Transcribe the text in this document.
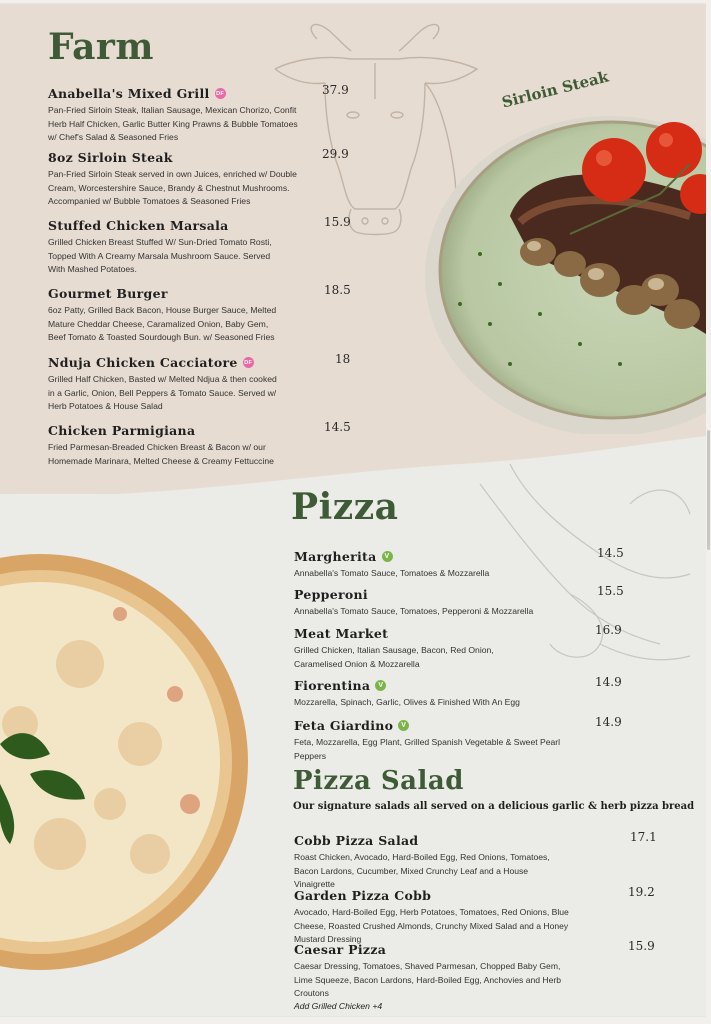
Farm
Anabella's Mixed Grill DF	37.9
Pan-Fried Sirloin Steak, Italian Sausage, Mexican Chorizo, Confit Herb Half Chicken, Garlic Butter King Prawns & Bubble Tomatoes w/ Chef's Salad & Seasoned Fries
8oz Sirloin Steak	29.9
Pan-Fried Sirloin Steak served in own Juices, enriched w/ Double Cream, Worcestershire Sauce, Brandy & Chestnut Mushrooms. Accompanied w/ Bubble Tomatoes & Seasoned Fries
Stuffed Chicken Marsala	15.9
Grilled Chicken Breast Stuffed W/ Sun-Dried Tomato Rosti, Topped With A Creamy Marsala Mushroom Sauce. Served With Mashed Potatoes.
Gourmet Burger	18.5
6oz Patty, Grilled Back Bacon, House Burger Sauce, Melted Mature Cheddar Cheese, Caramalized Onion, Baby Gem, Beef Tomato & Toasted Sourdough Bun. w/ Seasoned Fries
Nduja Chicken Cacciatore DF	18
Grilled Half Chicken, Basted w/ Melted Ndjua & then cooked in a Garlic, Onion, Bell Peppers & Tomato Sauce. Served w/ Herb Potatoes & House Salad
Chicken Parmigiana	14.5
Fried Parmesan-Breaded Chicken Breast & Bacon w/ our Homemade Marinara, Melted Cheese & Creamy Fettuccine
Sirloin Steak
Pizza
Margherita	V	14.5
Annabella's Tomato Sauce, Tomatoes & Mozzarella
Pepperoni	15.5
Annabella's Tomato Sauce, Tomatoes, Pepperoni & Mozzarella
Meat Market	16.9
Grilled Chicken, Italian Sausage, Bacon, Red Onion, Caramelised Onion & Mozzarella
Fiorentina	V	14.9
Mozzarella, Spinach, Garlic, Olives & Finished With An Egg
Feta Giardino	V	14.9
Feta, Mozzarella, Egg Plant, Grilled Spanish Vegetable & Sweet Pearl Peppers
Pizza Salad
Our signature salads all served on a delicious garlic & herb pizza bread
Cobb Pizza Salad	17.1
Roast Chicken, Avocado, Hard-Boiled Egg, Red Onions, Tomatoes, Bacon Lardons, Cucumber, Mixed Crunchy Leaf and a House Vinaigrette
Garden Pizza Cobb	19.2
Avocado, Hard-Boiled Egg, Herb Potatoes, Tomatoes, Red Onions, Blue Cheese, Roasted Crushed Almonds, Crunchy Mixed Salad and a Honey Mustard Dressing
Caesar Pizza	15.9
Caesar Dressing, Tomatoes, Shaved Parmesan, Chopped Baby Gem, Lime Squeeze, Bacon Lardons, Hard-Boiled Egg, Anchovies and Herb Croutons
Add Grilled Chicken +4
